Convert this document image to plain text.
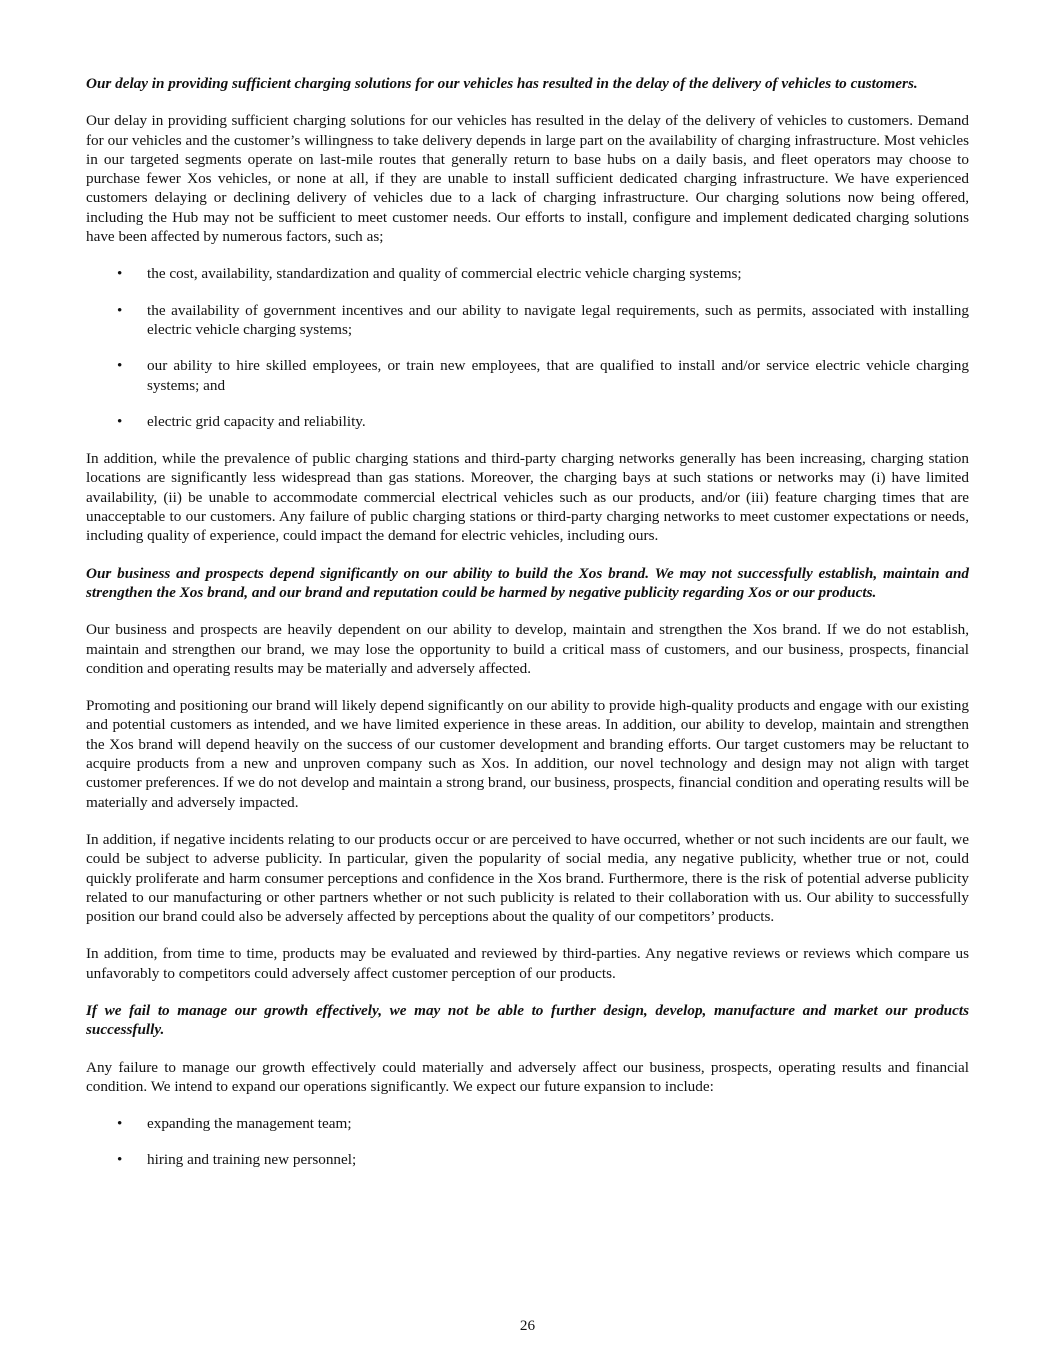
Our delay in providing sufficient charging solutions for our vehicles has resulted in the delay of the delivery of vehicles to customers.

Our delay in providing sufficient charging solutions for our vehicles has resulted in the delay of the delivery of vehicles to customers. Demand for our vehicles and the customer’s willingness to take delivery depends in large part on the availability of charging infrastructure. Most vehicles in our targeted segments operate on last-mile routes that generally return to base hubs on a daily basis, and fleet operators may choose to purchase fewer Xos vehicles, or none at all, if they are unable to install sufficient dedicated charging infrastructure. We have experienced customers delaying or declining delivery of vehicles due to a lack of charging infrastructure. Our charging solutions now being offered, including the Hub may not be sufficient to meet customer needs. Our efforts to install, configure and implement dedicated charging solutions have been affected by numerous factors, such as;

• the cost, availability, standardization and quality of commercial electric vehicle charging systems;
• the availability of government incentives and our ability to navigate legal requirements, such as permits, associated with installing electric vehicle charging systems;
• our ability to hire skilled employees, or train new employees, that are qualified to install and/or service electric vehicle charging systems; and
• electric grid capacity and reliability.

In addition, while the prevalence of public charging stations and third-party charging networks generally has been increasing, charging station locations are significantly less widespread than gas stations. Moreover, the charging bays at such stations or networks may (i) have limited availability, (ii) be unable to accommodate commercial electrical vehicles such as our products, and/or (iii) feature charging times that are unacceptable to our customers. Any failure of public charging stations or third-party charging networks to meet customer expectations or needs, including quality of experience, could impact the demand for electric vehicles, including ours.

Our business and prospects depend significantly on our ability to build the Xos brand. We may not successfully establish, maintain and strengthen the Xos brand, and our brand and reputation could be harmed by negative publicity regarding Xos or our products.

Our business and prospects are heavily dependent on our ability to develop, maintain and strengthen the Xos brand. If we do not establish, maintain and strengthen our brand, we may lose the opportunity to build a critical mass of customers, and our business, prospects, financial condition and operating results may be materially and adversely affected.

Promoting and positioning our brand will likely depend significantly on our ability to provide high-quality products and engage with our existing and potential customers as intended, and we have limited experience in these areas. In addition, our ability to develop, maintain and strengthen the Xos brand will depend heavily on the success of our customer development and branding efforts. Our target customers may be reluctant to acquire products from a new and unproven company such as Xos. In addition, our novel technology and design may not align with target customer preferences. If we do not develop and maintain a strong brand, our business, prospects, financial condition and operating results will be materially and adversely impacted.

In addition, if negative incidents relating to our products occur or are perceived to have occurred, whether or not such incidents are our fault, we could be subject to adverse publicity. In particular, given the popularity of social media, any negative publicity, whether true or not, could quickly proliferate and harm consumer perceptions and confidence in the Xos brand. Furthermore, there is the risk of potential adverse publicity related to our manufacturing or other partners whether or not such publicity is related to their collaboration with us. Our ability to successfully position our brand could also be adversely affected by perceptions about the quality of our competitors’ products.

In addition, from time to time, products may be evaluated and reviewed by third-parties. Any negative reviews or reviews which compare us unfavorably to competitors could adversely affect customer perception of our products.

If we fail to manage our growth effectively, we may not be able to further design, develop, manufacture and market our products successfully.

Any failure to manage our growth effectively could materially and adversely affect our business, prospects, operating results and financial condition. We intend to expand our operations significantly. We expect our future expansion to include:

• expanding the management team;
• hiring and training new personnel;
26
